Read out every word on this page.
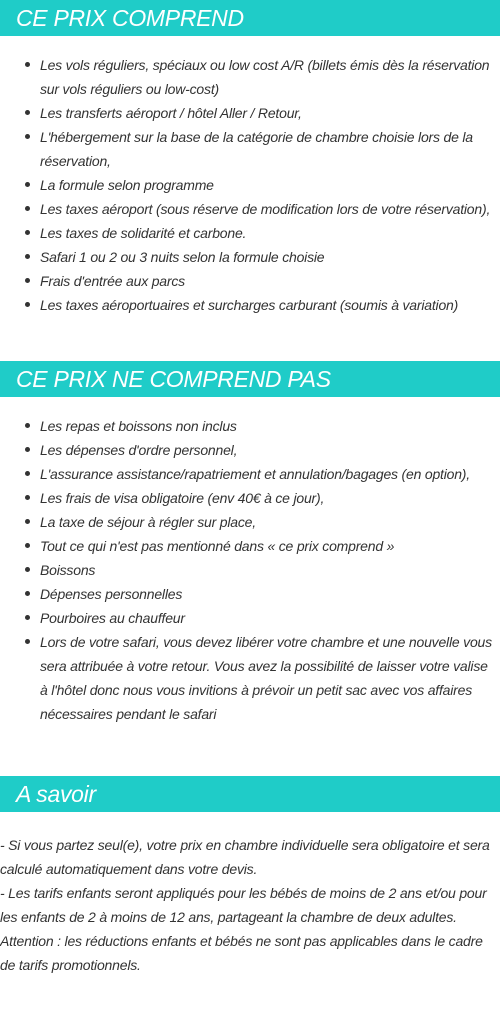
CE PRIX COMPREND
Les vols réguliers, spéciaux ou low cost A/R (billets émis dès la réservation sur vols réguliers ou low-cost)
Les transferts aéroport / hôtel Aller / Retour,
L'hébergement sur la base de la catégorie de chambre choisie lors de la réservation,
La formule selon programme
Les taxes aéroport (sous réserve de modification lors de votre réservation),
Les taxes de solidarité et carbone.
Safari 1 ou 2 ou 3 nuits selon la formule choisie
Frais d'entrée aux parcs
Les taxes aéroportuaires et surcharges carburant (soumis à variation)
CE PRIX NE COMPREND PAS
Les repas et boissons non inclus
Les dépenses d'ordre personnel,
L'assurance assistance/rapatriement et annulation/bagages (en option),
Les frais de visa obligatoire (env 40€ à ce jour),
La taxe de séjour à régler sur place,
Tout ce qui n'est pas mentionné dans « ce prix comprend »
Boissons
Dépenses personnelles
Pourboires au chauffeur
Lors de votre safari, vous devez libérer votre chambre et une nouvelle vous sera attribuée à votre retour. Vous avez la possibilité de laisser votre valise à l'hôtel donc nous vous invitions à prévoir un petit sac avec vos affaires nécessaires pendant le safari
A savoir

- Si vous partez seul(e), votre prix en chambre individuelle sera obligatoire et sera calculé automatiquement dans votre devis.

- Les tarifs enfants seront appliqués pour les bébés de moins de 2 ans et/ou pour les enfants de 2 à moins de 12 ans, partageant la chambre de deux adultes.

Attention : les réductions enfants et bébés ne sont pas applicables dans le cadre de tarifs promotionnels.
